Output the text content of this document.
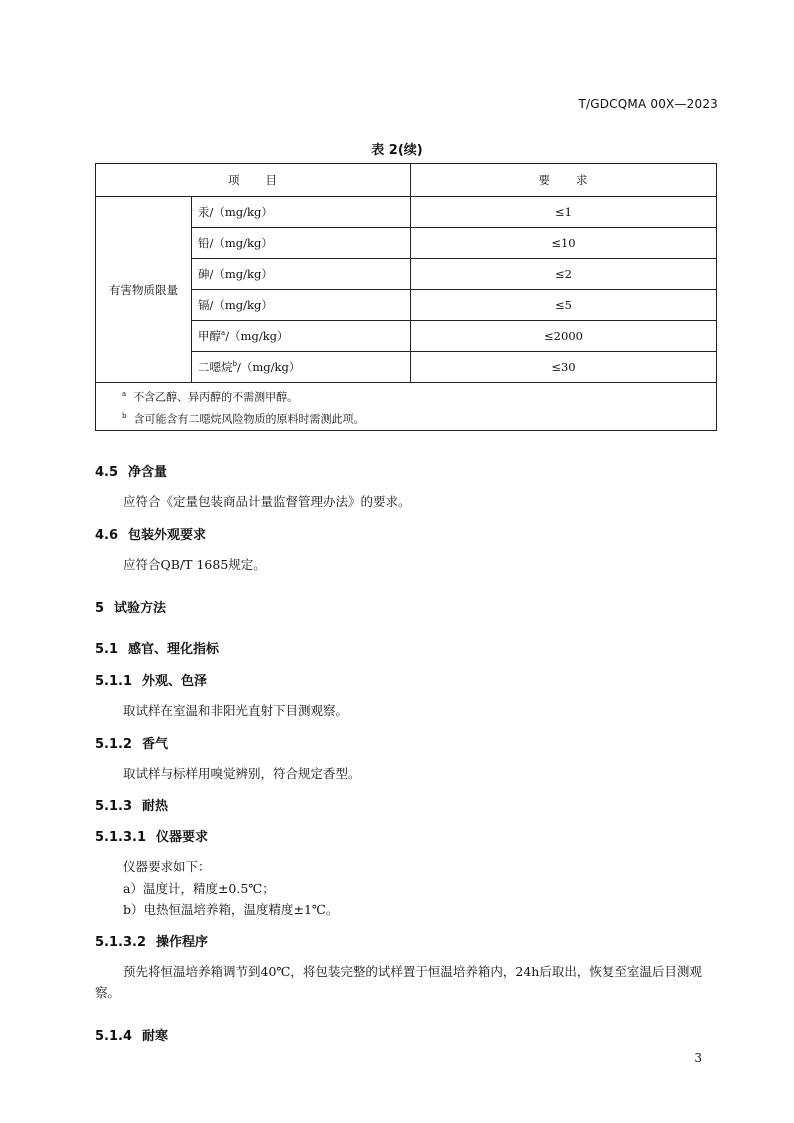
T/GDCQMA 00X—2023
表 2(续)
项　　目		要　　求
有害物质限量	汞/（mg/kg）	≤1
	铅/（mg/kg）	≤10
	砷/（mg/kg）	≤2
	镉/（mg/kg）	≤5
	甲醇$^a$/（mg/kg）	≤2000
	二噁烷$^b$/（mg/kg）	≤30

$^a$ 不含乙醇、异丙醇的不需测甲醇。
$^b$ 含可能含有二噁烷风险物质的原料时需测此项。		
4.5 净含量
应符合《定量包装商品计量监督管理办法》的要求。
4.6 包装外观要求
应符合QB/T 1685规定。
5 试验方法
5.1 感官、理化指标
5.1.1 外观、色泽
取试样在室温和非阳光直射下目测观察。
5.1.2 香气
取试样与标样用嗅觉辨别，符合规定香型。
5.1.3 耐热
5.1.3.1 仪器要求
仪器要求如下：
a）温度计，精度±0.5℃；
b）电热恒温培养箱，温度精度±1℃。
5.1.3.2 操作程序
预先将恒温培养箱调节到40℃，将包装完整的试样置于恒温培养箱内，24h后取出，恢复至室温后目测观察。
5.1.4 耐寒
3
